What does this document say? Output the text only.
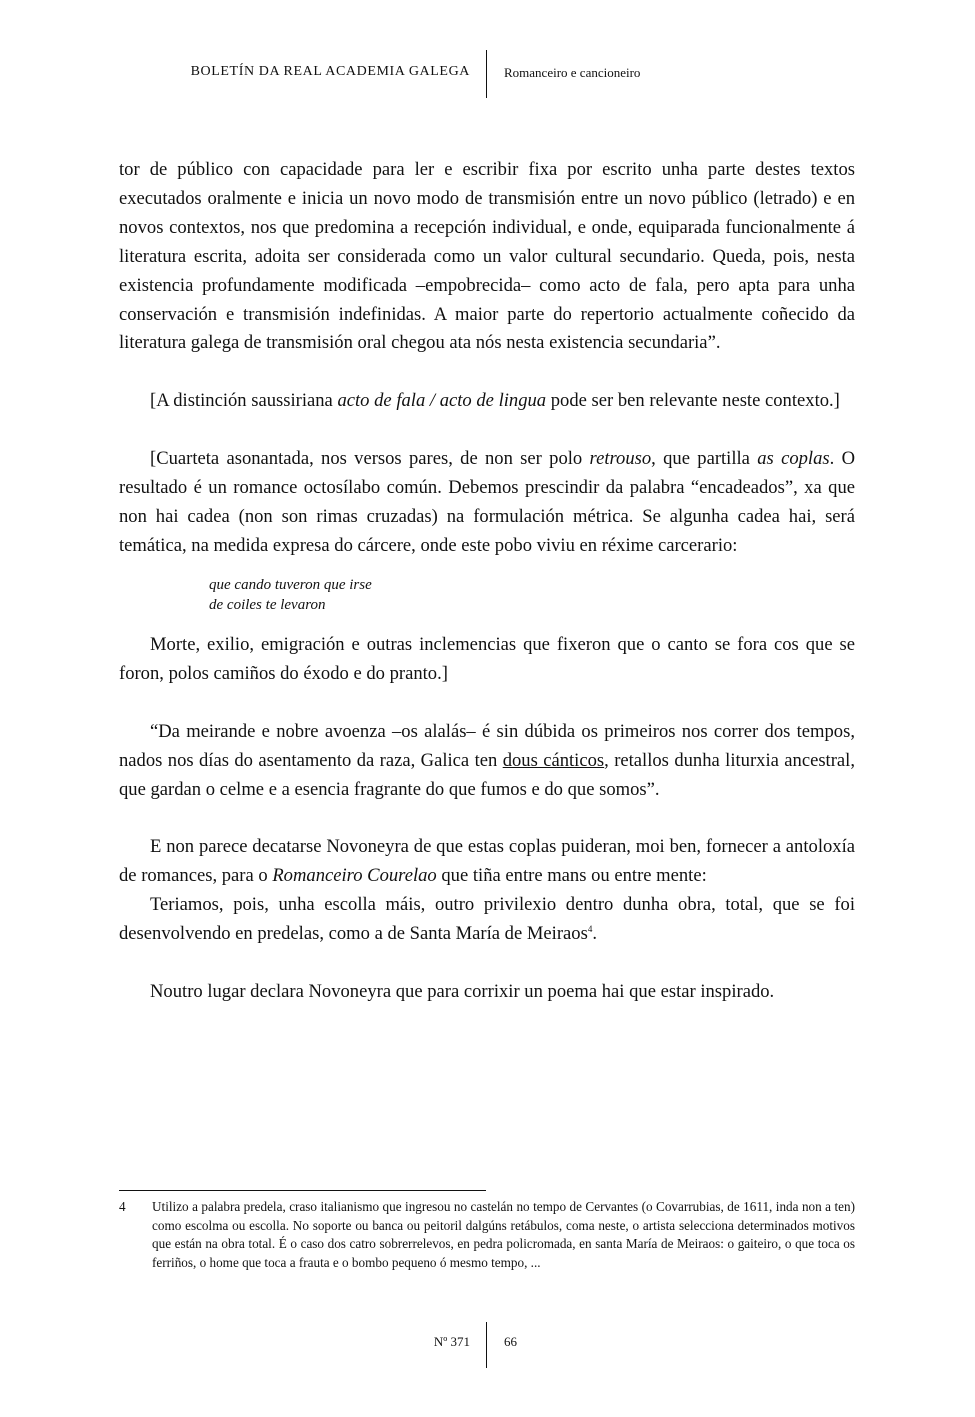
BOLETÍN DA REAL ACADEMIA GALEGA	Romanceiro e cancioneiro

tor de público con capacidade para ler e escribir fixa por escrito unha parte destes textos executados oralmente e inicia un novo modo de transmisión entre un novo público (letrado) e en novos contextos, nos que predomina a recepción individual, e onde, equiparada funcionalmente á literatura escrita, adoita ser considerada como un valor cultural secundario. Queda, pois, nesta existencia profundamente modificada –empobrecida– como acto de fala, pero apta para unha conservación e transmisión indefinidas. A maior parte do repertorio actualmente coñecido da literatura galega de transmisión oral chegou ata nós nesta existencia secundaria”.

[A distinción saussiriana acto de fala / acto de lingua pode ser ben relevante neste contexto.]

[Cuarteta asonantada, nos versos pares, de non ser polo retrouso, que partilla as coplas. O resultado é un romance octosílabo común. Debemos prescindir da palabra “encadeados”, xa que non hai cadea (non son rimas cruzadas) na formulación métrica. Se algunha cadea hai, será temática, na medida expresa do cárcere, onde este pobo viviu en réxime carcerario:

que cando tuveron que irse
de coiles te levaron

Morte, exilio, emigración e outras inclemencias que fixeron que o canto se fora cos que se foron, polos camiños do éxodo e do pranto.]

“Da meirande e nobre avoenza –os alalás– é sin dúbida os primeiros nos correr dos tempos, nados nos días do asentamento da raza, Galica ten dous cánticos, retallos dunha liturxia ancestral, que gardan o celme e a esencia fragrante do que fumos e do que somos”.

E non parece decatarse Novoneyra de que estas coplas puideran, moi ben, fornecer a antoloxía de romances, para o Romanceiro Courelao que tiña entre mans ou entre mente:

Teriamos, pois, unha escolla máis, outro privilexio dentro dunha obra, total, que se foi desenvolvendo en predelas, como a de Santa María de Meiraos$^4$.

Noutro lugar declara Novoneyra que para corrixir un poema hai que estar inspirado.

4	Utilizo a palabra predela, craso italianismo que ingresou no castelán no tempo de Cervantes (o Covarrubias, de 1611, inda non a ten) como escolma ou escolla. No soporte ou banca ou peitoril dalgúns retábulos, coma neste, o artista selecciona determinados motivos que están na obra total. É o caso dos catro sobrerrelevos, en pedra policromada, en santa María de Meiraos: o gaiteiro, o que toca os ferriños, o home que toca a frauta e o bombo pequeno ó mesmo tempo, ...
Nº 371	66
